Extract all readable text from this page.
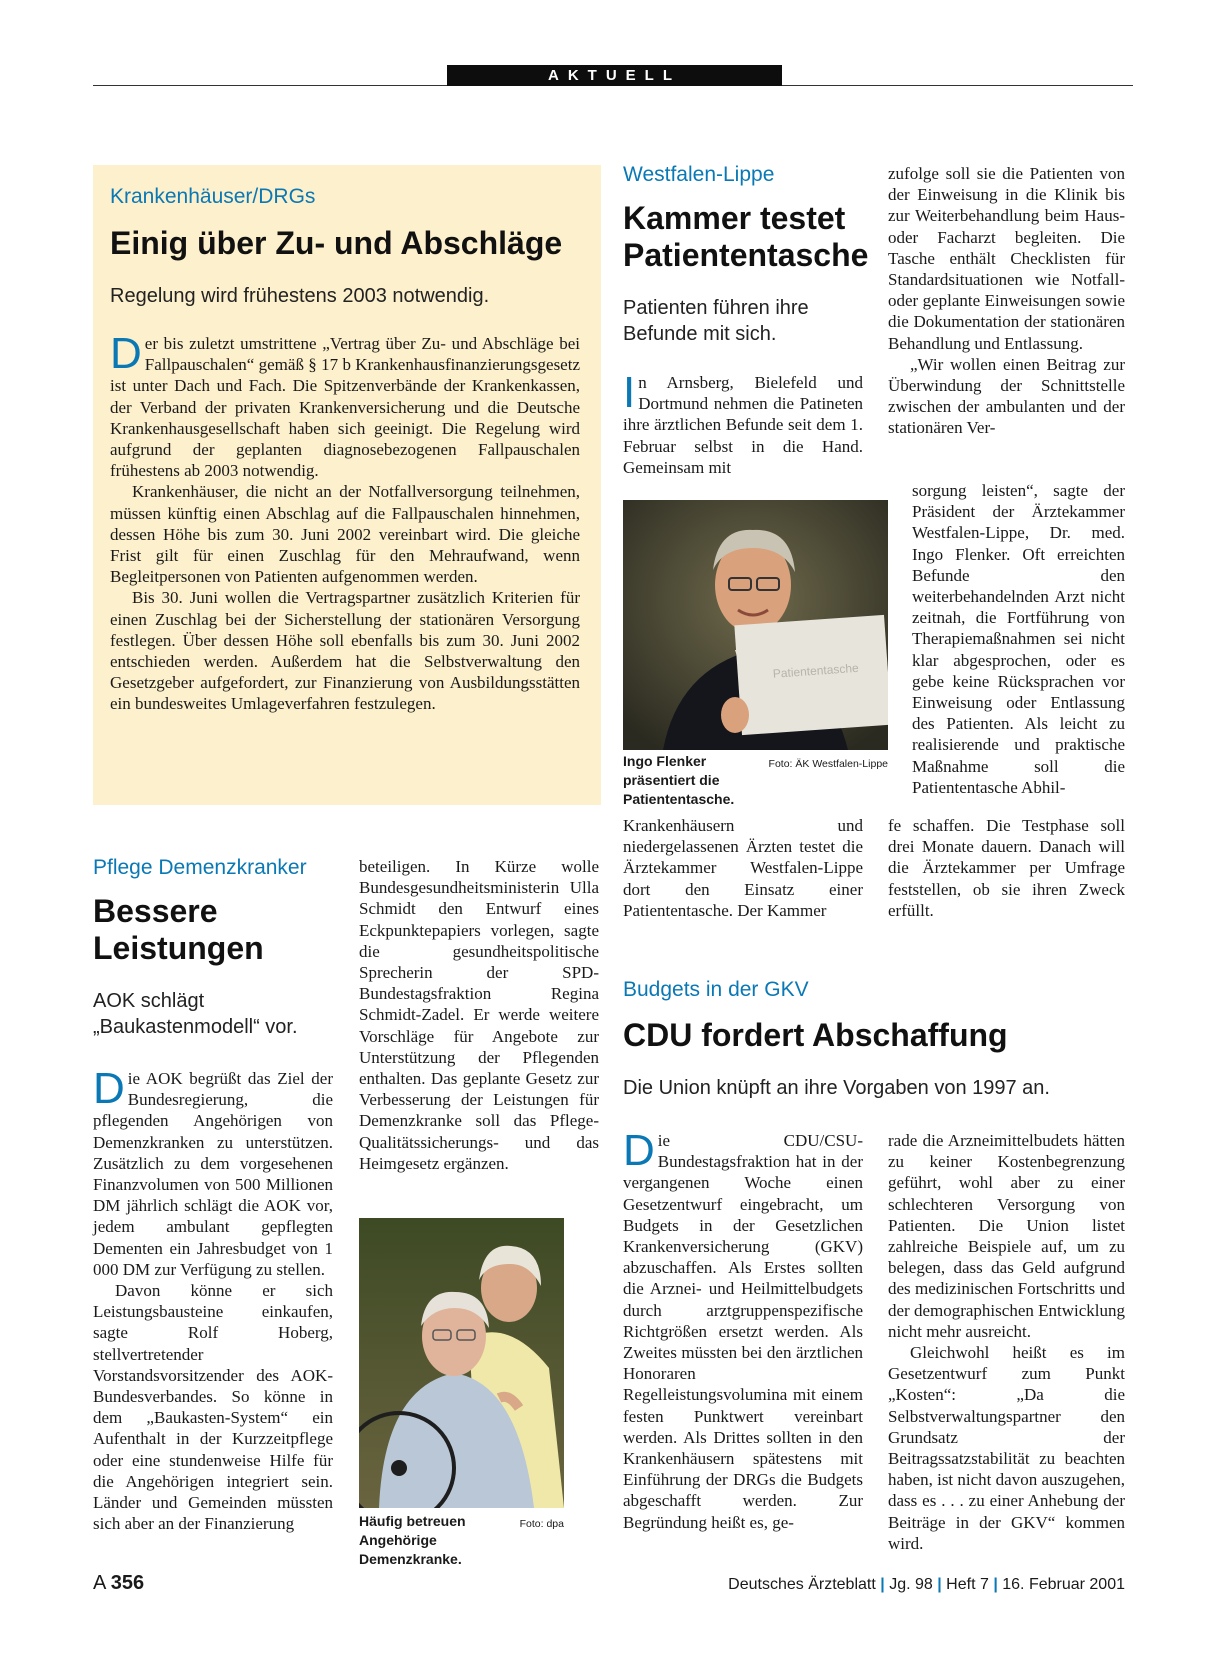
AKTUELL
Krankenhäuser/DRGs
Einig über Zu- und Abschläge
Regelung wird frühestens 2003 notwendig.

Der bis zuletzt umstrittene „Vertrag über Zu- und Abschläge bei Fallpauschalen“ gemäß § 17 b Krankenhausfinanzierungsgesetz ist unter Dach und Fach. Die Spitzenverbände der Krankenkassen, der Verband der privaten Krankenversicherung und die Deutsche Krankenhausgesellschaft haben sich geeinigt. Die Regelung wird aufgrund der geplanten diagnosebezogenen Fallpauschalen frühestens ab 2003 notwendig.

Krankenhäuser, die nicht an der Notfallversorgung teilnehmen, müssen künftig einen Abschlag auf die Fallpauschalen hinnehmen, dessen Höhe bis zum 30. Juni 2002 vereinbart wird. Die gleiche Frist gilt für einen Zuschlag für den Mehraufwand, wenn Begleitpersonen von Patienten aufgenommen werden.

Bis 30. Juni wollen die Vertragspartner zusätzlich Kriterien für einen Zuschlag bei der Sicherstellung der stationären Versorgung festlegen. Über dessen Höhe soll ebenfalls bis zum 30. Juni 2002 entschieden werden. Außerdem hat die Selbstverwaltung den Gesetzgeber aufgefordert, zur Finanzierung von Ausbildungsstätten ein bundesweites Umlageverfahren festzulegen.

Westfalen-Lippe
Kammer testet Patiententasche
Patienten führen ihre Befunde mit sich.

In Arnsberg, Bielefeld und Dortmund nehmen die Patineten ihre ärztlichen Befunde seit dem 1. Februar selbst in die Hand. Gemeinsam mit

Patiententasche
Foto: ÄK Westfalen-Lippe
Ingo Flenker präsentiert die Patiententasche.

Krankenhäusern und niedergelassenen Ärzten testet die Ärztekammer Westfalen-Lippe dort den Einsatz einer Patiententasche. Der Kammer

zufolge soll sie die Patienten von der Einweisung in die Klinik bis zur Weiterbehandlung beim Haus- oder Facharzt begleiten. Die Tasche enthält Checklisten für Standardsituationen wie Notfall- oder geplante Einweisungen sowie die Dokumentation der stationären Behandlung und Entlassung.

„Wir wollen einen Beitrag zur Überwindung der Schnittstelle zwischen der ambulanten und der stationären Ver-

sorgung leisten“, sagte der Präsident der Ärztekammer Westfalen-Lippe, Dr. med. Ingo Flenker. Oft erreichten Befunde den weiterbehandelnden Arzt nicht zeitnah, die Fortführung von Therapiemaßnahmen sei nicht klar abgesprochen, oder es gebe keine Rücksprachen vor Einweisung oder Entlassung des Patienten. Als leicht zu realisierende und praktische Maßnahme soll die Patiententasche Abhil-

fe schaffen. Die Testphase soll drei Monate dauern. Danach will die Ärztekammer per Umfrage feststellen, ob sie ihren Zweck erfüllt.

Pflege Demenzkranker
Bessere Leistungen
AOK schlägt „Baukastenmodell“ vor.

Die AOK begrüßt das Ziel der Bundesregierung, die pflegenden Angehörigen von Demenzkranken zu unterstützen. Zusätzlich zu dem vorgesehenen Finanzvolumen von 500 Millionen DM jährlich schlägt die AOK vor, jedem ambulant gepflegten Dementen ein Jahresbudget von 1 000 DM zur Verfügung zu stellen.

Davon könne er sich Leistungsbausteine einkaufen, sagte Rolf Hoberg, stellvertretender Vorstandsvorsitzender des AOK-Bundesverbandes. So könne in dem „Baukasten-System“ ein Aufenthalt in der Kurzzeitpflege oder eine stundenweise Hilfe für die Angehörigen integriert sein. Länder und Gemeinden müssten sich aber an der Finanzierung

beteiligen. In Kürze wolle Bundesgesundheitsministerin Ulla Schmidt den Entwurf eines Eckpunktepapiers vorlegen, sagte die gesundheitspolitische Sprecherin der SPD-Bundestagsfraktion Regina Schmidt-Zadel. Er werde weitere Vorschläge für Angebote zur Unterstützung der Pflegenden enthalten. Das geplante Gesetz zur Verbesserung der Leistungen für Demenzkranke soll das Pflege-Qualitätssicherungs- und das Heimgesetz ergänzen.

Foto: dpa
Häufig betreuen Angehörige Demenzkranke.
Budgets in der GKV
CDU fordert Abschaffung
Die Union knüpft an ihre Vorgaben von 1997 an.

Die CDU/CSU-Bundestagsfraktion hat in der vergangenen Woche einen Gesetzentwurf eingebracht, um Budgets in der Gesetzlichen Krankenversicherung (GKV) abzuschaffen. Als Erstes sollten die Arznei- und Heilmittelbudgets durch arztgruppenspezifische Richtgrößen ersetzt werden. Als Zweites müssten bei den ärztlichen Honoraren Regelleistungsvolumina mit einem festen Punktwert vereinbart werden. Als Drittes sollten in den Krankenhäusern spätestens mit Einführung der DRGs die Budgets abgeschafft werden. Zur Begründung heißt es, ge-

rade die Arzneimittelbudets hätten zu keiner Kostenbegrenzung geführt, wohl aber zu einer schlechteren Versorgung von Patienten. Die Union listet zahlreiche Beispiele auf, um zu belegen, dass das Geld aufgrund des medizinischen Fortschritts und der demographischen Entwicklung nicht mehr ausreicht.

Gleichwohl heißt es im Gesetzentwurf zum Punkt „Kosten“: „Da die Selbstverwaltungspartner den Grundsatz der Beitragssatzstabilität zu beachten haben, ist nicht davon auszugehen, dass es . . . zu einer Anhebung der Beiträge in der GKV“ kommen wird.

A 356	Deutsches Ärzteblatt | Jg. 98 | Heft 7 | 16. Februar 2001
